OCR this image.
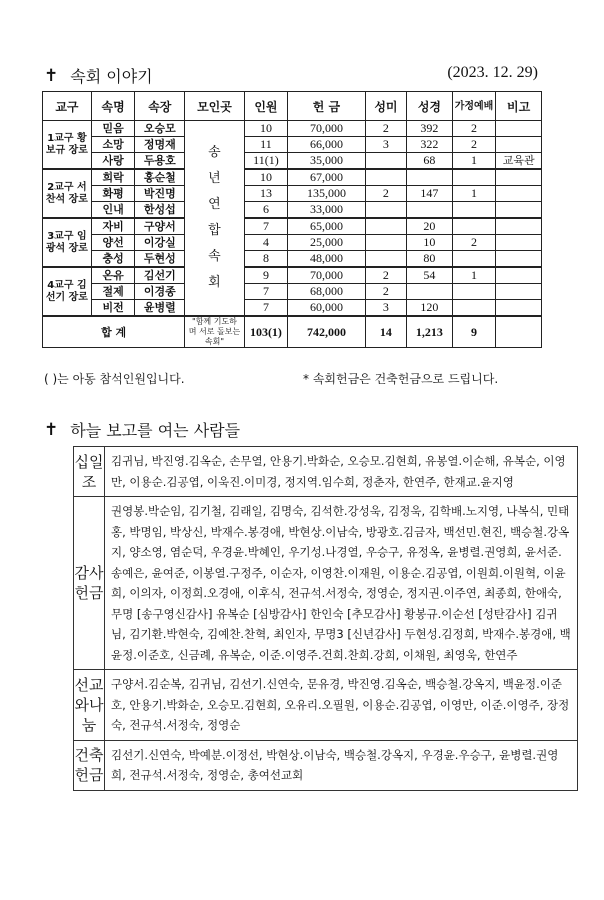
✝ 속회 이야기	(2023. 12. 29)
교구	속명	속장	모인곳	인원	헌 금	성미	성경	가정예배	비고
1교구 황보규 장로	믿음	오승모	송년연합속회	10	70,000	2	392	2	
	소망	정명재		11	66,000	3	322	2	
	사랑	두용호		11(1)	35,000		68	1	교육관
2교구 서찬석 장로	희락	홍순철		10	67,000				
	화평	박진명		13	135,000	2	147	1	
	인내	한성섭		6	33,000				
3교구 임광석 장로	자비	구양서		7	65,000		20		
	양선	이강실		4	25,000		10	2	
	충성	두현성		8	48,000		80		
4교구 김선기 장로	온유	김선기		9	70,000	2	54	1	
	절제	이경종		7	68,000	2			
	비전	윤병렬		7	60,000	3	120		
합 계			"함께 기도하며 서로 돌보는 속회"	103(1)	742,000	14	1,213	9	
( )는 아동 참석인원입니다.	* 속회헌금은 건축헌금으로 드립니다.
✝ 하늘 보고를 여는 사람들
십일조	김귀님, 박진영.김옥순, 손무열, 안용기.박화순, 오승모.김현희, 유봉열.이순해, 유복순, 이영만, 이용순.김공엽, 이욱진.이미경, 정지역.임수희, 정춘자, 한연주, 한재교.윤지영
감사헌금	권영봉.박순임, 김기철, 김래일, 김명숙, 김석한.강성욱, 김정욱, 김학배.노지영, 나복식, 민태홍, 박명임, 박상신, 박재수.봉경애, 박현상.이남숙, 방광호.김금자, 백선민.현진, 백승철.강옥지, 양소영, 염순덕, 우경윤.박혜인, 우기성.나경열, 우승구, 유정옥, 윤병렬.권영희, 윤서준.송예은, 윤여준, 이봉열.구정주, 이순자, 이영찬.이재원, 이용순.김공엽, 이원희.이원혁, 이윤희, 이의자, 이정희.오경애, 이후식, 전규석.서정숙, 정영순, 정지권.이주연, 최종희, 한애숙, 무명 [송구영신감사] 유복순 [심방감사] 한인숙 [추모감사] 황봉규.이순선 [성탄감사] 김귀님, 김기환.박현숙, 김예찬.찬혁, 최인자, 무명3 [신년감사] 두현성.김정희, 박재수.봉경애, 백윤정.이준호, 신금례, 유복순, 이준.이영주.건희.찬희.강희, 이채원, 최영욱, 한연주
선교와나눔	구양서.김순복, 김귀님, 김선기.신연숙, 문유경, 박진영.김옥순, 백승철.강옥지, 백윤정.이준호, 안용기.박화순, 오승모.김현희, 오유리.오필원, 이용순.김공엽, 이영만, 이준.이영주, 장정숙, 전규석.서정숙, 정영순
건축헌금	김선기.신연숙, 박예분.이정선, 박현상.이남숙, 백승철.강옥지, 우경윤.우승구, 윤병렬.권영희, 전규석.서정숙, 정영순, 총여선교회
